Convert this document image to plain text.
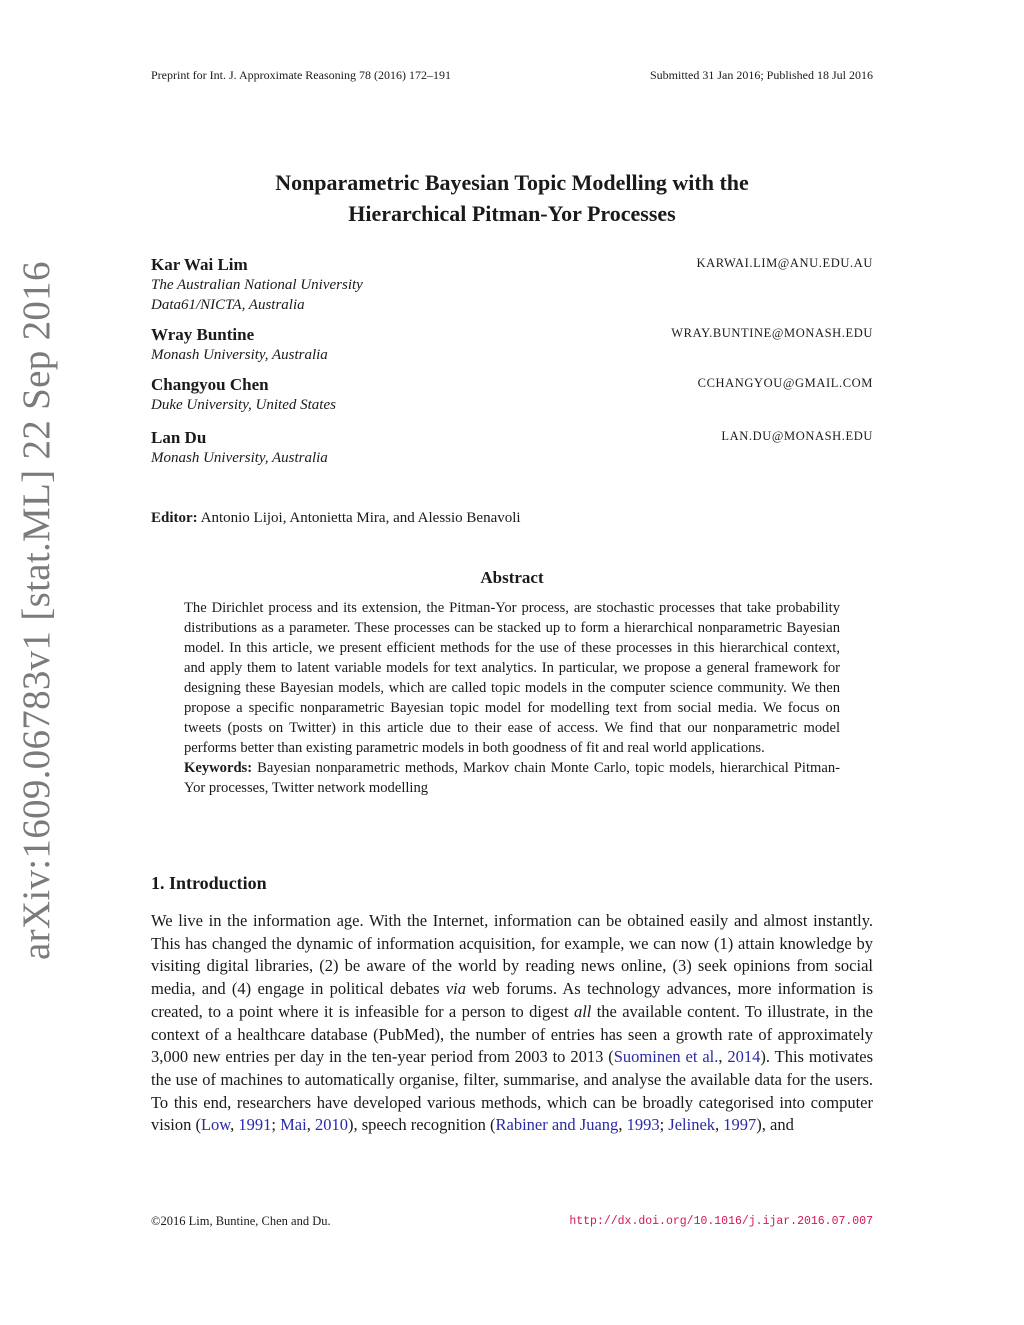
Preprint for Int. J. Approximate Reasoning 78 (2016) 172–191	Submitted 31 Jan 2016; Published 18 Jul 2016
arXiv:1609.06783v1 [stat.ML] 22 Sep 2016
Nonparametric Bayesian Topic Modelling with the
Hierarchical Pitman-Yor Processes
Kar Wai Lim	KARWAI.LIM@ANU.EDU.AU
The Australian National University
Data61/NICTA, Australia
Wray Buntine	WRAY.BUNTINE@MONASH.EDU
Monash University, Australia
Changyou Chen	CCHANGYOU@GMAIL.COM
Duke University, United States
Lan Du	LAN.DU@MONASH.EDU
Monash University, Australia
Editor: Antonio Lijoi, Antonietta Mira, and Alessio Benavoli
Abstract

The Dirichlet process and its extension, the Pitman-Yor process, are stochastic processes that take probability distributions as a parameter. These processes can be stacked up to form a hierarchical nonparametric Bayesian model. In this article, we present efficient methods for the use of these processes in this hierarchical context, and apply them to latent variable models for text analytics. In particular, we propose a general framework for designing these Bayesian models, which are called topic models in the computer science community. We then propose a specific nonparametric Bayesian topic model for modelling text from social media. We focus on tweets (posts on Twitter) in this article due to their ease of access. We find that our nonparametric model performs better than existing parametric models in both goodness of fit and real world applications.

Keywords: Bayesian nonparametric methods, Markov chain Monte Carlo, topic models, hierarchical Pitman-Yor processes, Twitter network modelling

1. Introduction

We live in the information age. With the Internet, information can be obtained easily and almost instantly. This has changed the dynamic of information acquisition, for example, we can now (1) attain knowledge by visiting digital libraries, (2) be aware of the world by reading news online, (3) seek opinions from social media, and (4) engage in political debates via web forums. As technology advances, more information is created, to a point where it is infeasible for a person to digest all the available content. To illustrate, in the context of a healthcare database (PubMed), the number of entries has seen a growth rate of approximately 3,000 new entries per day in the ten-year period from 2003 to 2013 (Suominen et al., 2014). This motivates the use of machines to automatically organise, filter, summarise, and analyse the available data for the users. To this end, researchers have developed various methods, which can be broadly categorised into computer vision (Low, 1991; Mai, 2010), speech recognition (Rabiner and Juang, 1993; Jelinek, 1997), and

©2016 Lim, Buntine, Chen and Du.	http://dx.doi.org/10.1016/j.ijar.2016.07.007
